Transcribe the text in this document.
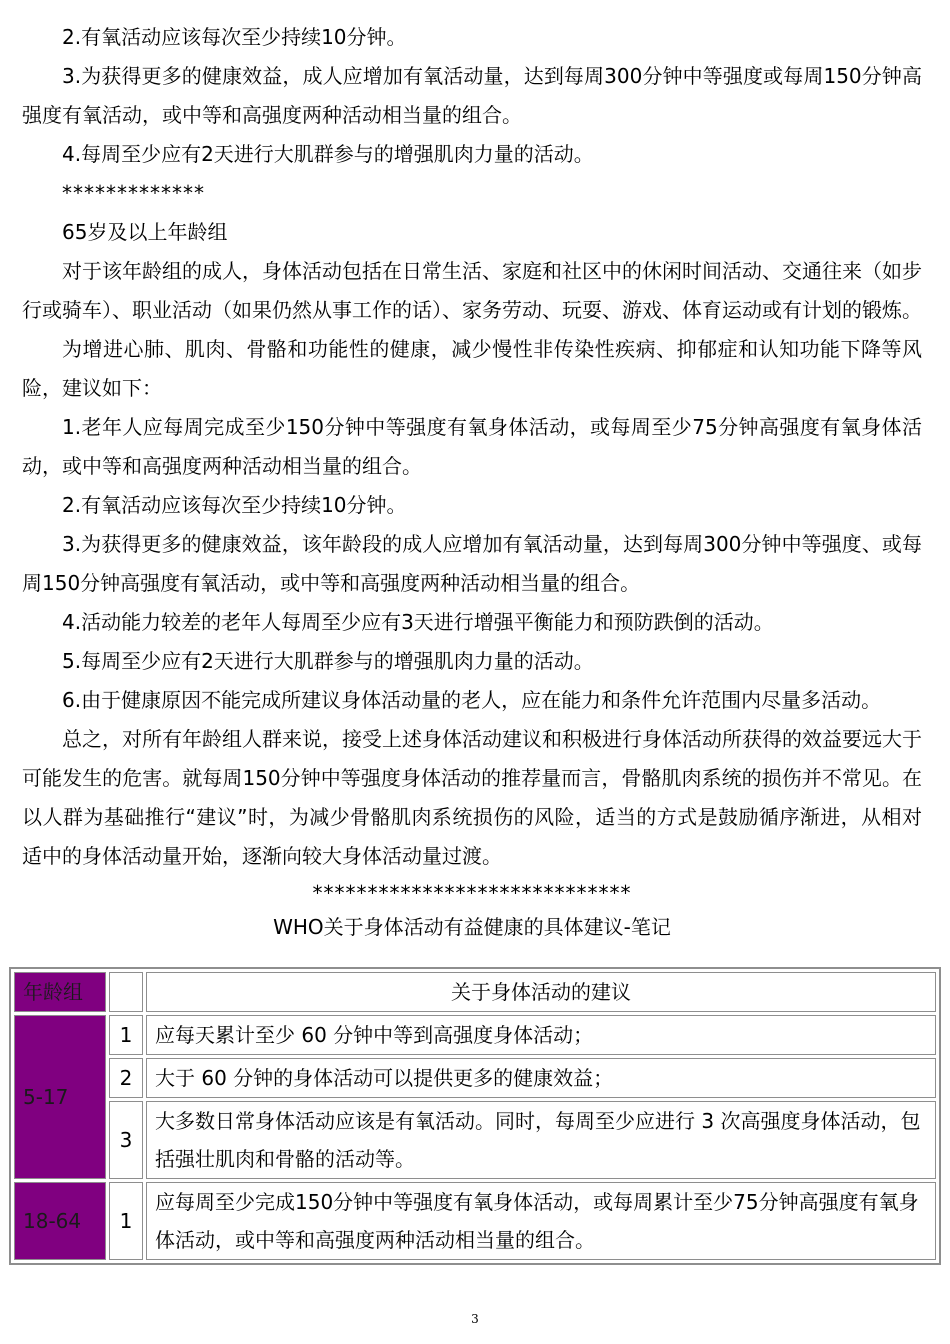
2.有氧活动应该每次至少持续10分钟。

3.为获得更多的健康效益，成人应增加有氧活动量，达到每周300分钟中等强度或每周150分钟高强度有氧活动，或中等和高强度两种活动相当量的组合。

4.每周至少应有2天进行大肌群参与的增强肌肉力量的活动。

*************

65岁及以上年龄组

对于该年龄组的成人，身体活动包括在日常生活、家庭和社区中的休闲时间活动、交通往来（如步行或骑车）、职业活动（如果仍然从事工作的话）、家务劳动、玩耍、游戏、体育运动或有计划的锻炼。

为增进心肺、肌肉、骨骼和功能性的健康，减少慢性非传染性疾病、抑郁症和认知功能下降等风险，建议如下：

1.老年人应每周完成至少150分钟中等强度有氧身体活动，或每周至少75分钟高强度有氧身体活动，或中等和高强度两种活动相当量的组合。

2.有氧活动应该每次至少持续10分钟。

3.为获得更多的健康效益，该年龄段的成人应增加有氧活动量，达到每周300分钟中等强度、或每周150分钟高强度有氧活动，或中等和高强度两种活动相当量的组合。

4.活动能力较差的老年人每周至少应有3天进行增强平衡能力和预防跌倒的活动。

5.每周至少应有2天进行大肌群参与的增强肌肉力量的活动。

6.由于健康原因不能完成所建议身体活动量的老人，应在能力和条件允许范围内尽量多活动。

总之，对所有年龄组人群来说，接受上述身体活动建议和积极进行身体活动所获得的效益要远大于可能发生的危害。就每周150分钟中等强度身体活动的推荐量而言，骨骼肌肉系统的损伤并不常见。在以人群为基础推行“建议”时，为减少骨骼肌肉系统损伤的风险，适当的方式是鼓励循序渐进，从相对适中的身体活动量开始，逐渐向较大身体活动量过渡。

*****************************

WHO关于身体活动有益健康的具体建议-笔记

年龄组		关于身体活动的建议
5-17	1	应每天累计至少 60 分钟中等到高强度身体活动；
	2	大于 60 分钟的身体活动可以提供更多的健康效益；
	3	大多数日常身体活动应该是有氧活动。同时，每周至少应进行 3 次高强度身体活动，包括强壮肌肉和骨骼的活动等。
18-64	1	应每周至少完成150分钟中等强度有氧身体活动，或每周累计至少75分钟高强度有氧身体活动，或中等和高强度两种活动相当量的组合。
3
